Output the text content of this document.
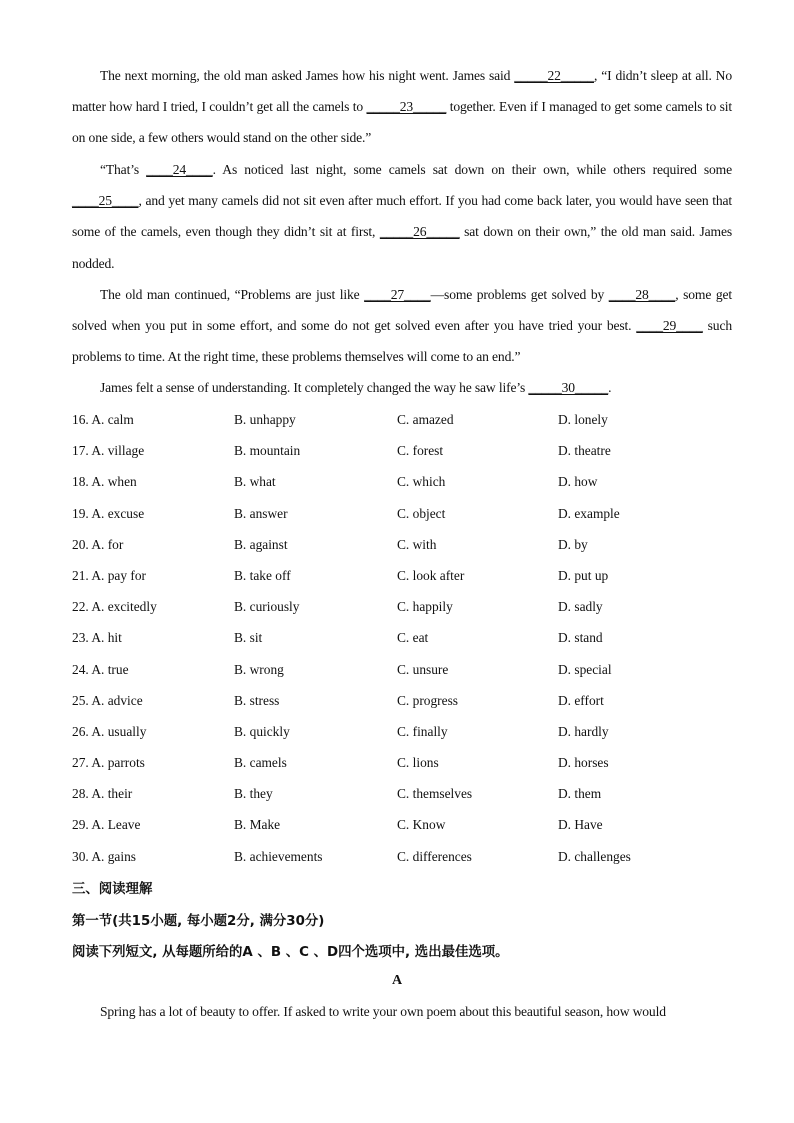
The next morning, the old man asked James how his night went. James said _____22_____, “I didn’t sleep at all. No matter how hard I tried, I couldn’t get all the camels to _____23_____ together. Even if I managed to get some camels to sit on one side, a few others would stand on the other side.”

“That’s ____24____. As noticed last night, some camels sat down on their own, while others required some ____25____, and yet many camels did not sit even after much effort. If you had come back later, you would have seen that some of the camels, even though they didn’t sit at first, _____26_____ sat down on their own,” the old man said. James nodded.

The old man continued, “Problems are just like ____27____—some problems get solved by ____28____, some get solved when you put in some effort, and some do not get solved even after you have tried your best. ____29____ such problems to time. At the right time, these problems themselves will come to an end.”

James felt a sense of understanding. It completely changed the way he saw life’s _____30_____.

16. A. calm	B. unhappy	C. amazed	D. lonely
17. A. village	B. mountain	C. forest	D. theatre
18. A. when	B. what	C. which	D. how
19. A. excuse	B. answer	C. object	D. example
20. A. for	B. against	C. with	D. by
21. A. pay for	B. take off	C. look after	D. put up
22. A. excitedly	B. curiously	C. happily	D. sadly
23. A. hit	B. sit	C. eat	D. stand
24. A. true	B. wrong	C. unsure	D. special
25. A. advice	B. stress	C. progress	D. effort
26. A. usually	B. quickly	C. finally	D. hardly
27. A. parrots	B. camels	C. lions	D. horses
28. A. their	B. they	C. themselves	D. them
29. A. Leave	B. Make	C. Know	D. Have
30. A. gains	B. achievements	C. differences	D. challenges
三、阅读理解
第一节(共15小题, 每小题2分, 满分30分)
阅读下列短文, 从每题所给的A 、B 、C 、D四个选项中, 选出最佳选项。
A

Spring has a lot of beauty to offer. If asked to write your own poem about this beautiful season, how would
